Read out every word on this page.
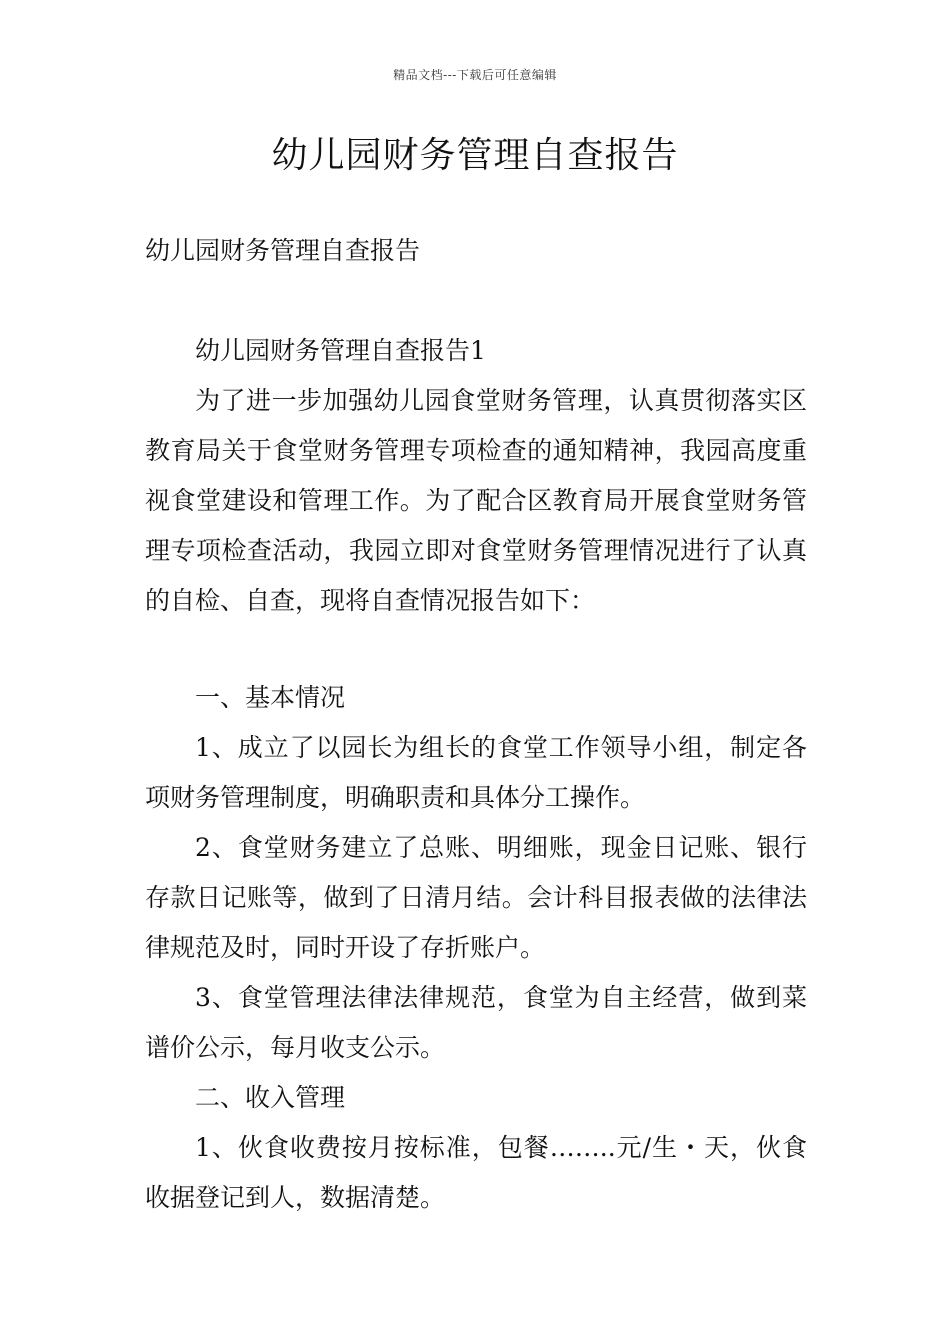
精品文档---下载后可任意编辑
幼儿园财务管理自查报告

幼儿园财务管理自查报告

幼儿园财务管理自查报告1

为了进一步加强幼儿园食堂财务管理，认真贯彻落实区教育局关于食堂财务管理专项检查的通知精神，我园高度重视食堂建设和管理工作。为了配合区教育局开展食堂财务管理专项检查活动，我园立即对食堂财务管理情况进行了认真的自检、自查，现将自查情况报告如下：

一、基本情况

1、成立了以园长为组长的食堂工作领导小组，制定各项财务管理制度，明确职责和具体分工操作。

2、食堂财务建立了总账、明细账，现金日记账、银行存款日记账等，做到了日清月结。会计科目报表做的法律法律规范及时，同时开设了存折账户。

3、食堂管理法律法律规范，食堂为自主经营，做到菜谱价公示，每月收支公示。

二、收入管理

1、伙食收费按月按标准，包餐……..元/生・天，伙食收据登记到人，数据清楚。
